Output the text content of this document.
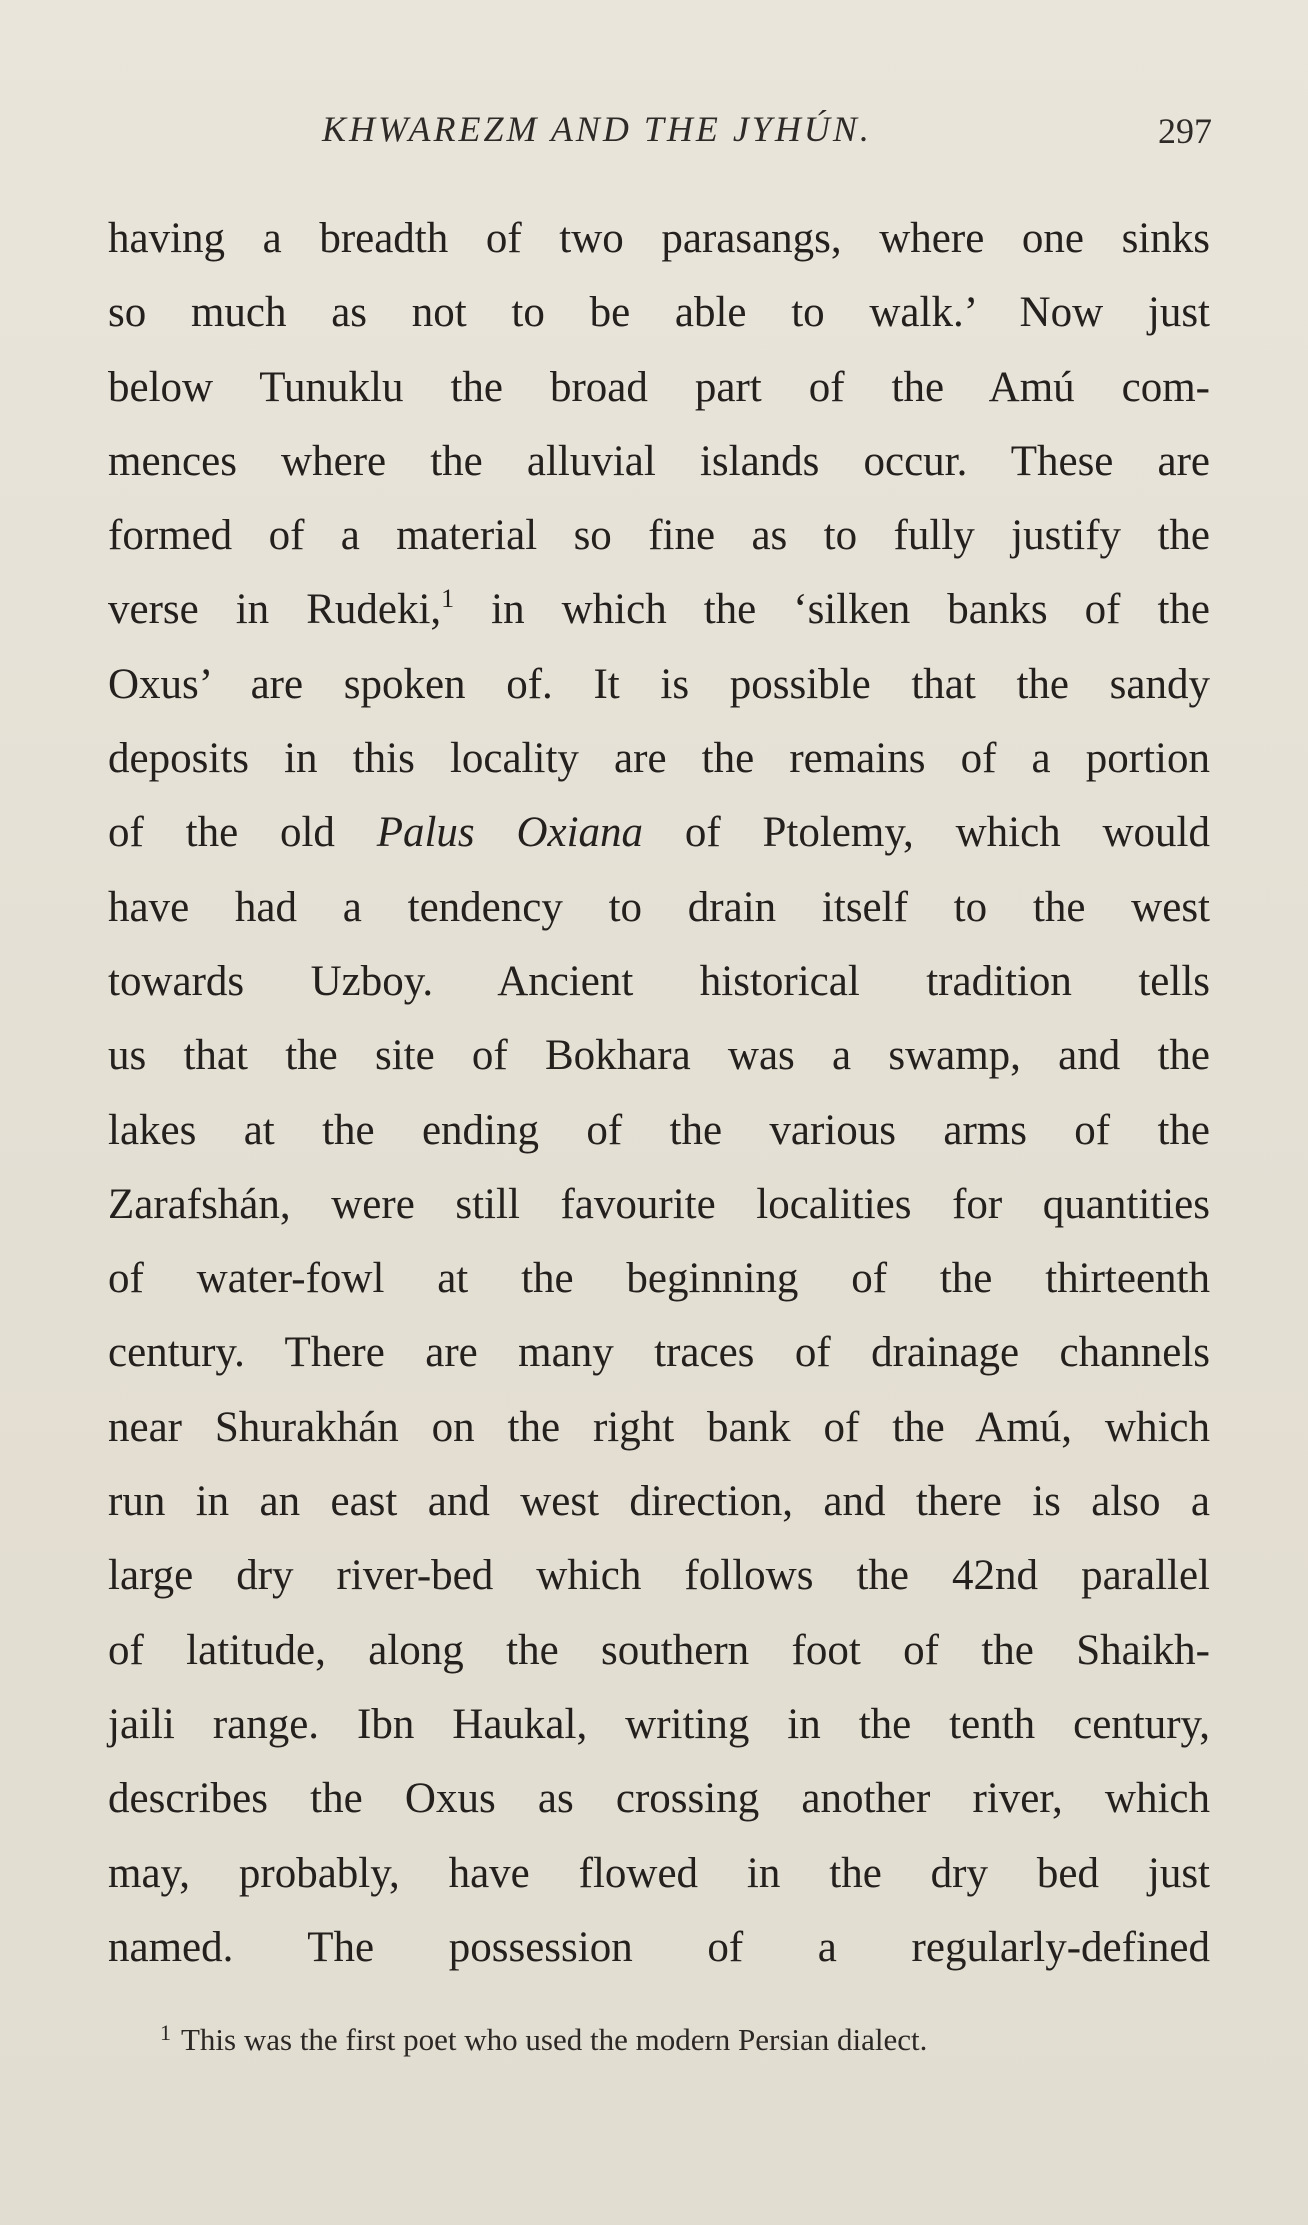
KHWAREZM AND THE JYHÚN.	297
having a breadth of two parasangs, where one sinks
so much as not to be able to walk.’ Now just
below Tunuklu the broad part of the Amú com-
mences where the alluvial islands occur. These are
formed of a material so fine as to fully justify the
verse in Rudeki,$^1$ in which the ‘silken banks of the
Oxus’ are spoken of. It is possible that the sandy
deposits in this locality are the remains of a portion
of the old Palus Oxiana of Ptolemy, which would
have had a tendency to drain itself to the west
towards Uzboy. Ancient historical tradition tells
us that the site of Bokhara was a swamp, and the
lakes at the ending of the various arms of the
Zarafshán, were still favourite localities for quantities
of water-fowl at the beginning of the thirteenth
century. There are many traces of drainage channels
near Shurakhán on the right bank of the Amú, which
run in an east and west direction, and there is also a
large dry river-bed which follows the 42nd parallel
of latitude, along the southern foot of the Shaikh-
jaili range. Ibn Haukal, writing in the tenth century,
describes the Oxus as crossing another river, which
may, probably, have flowed in the dry bed just
named. The possession of a regularly-defined
$^1$ This was the first poet who used the modern Persian dialect.
